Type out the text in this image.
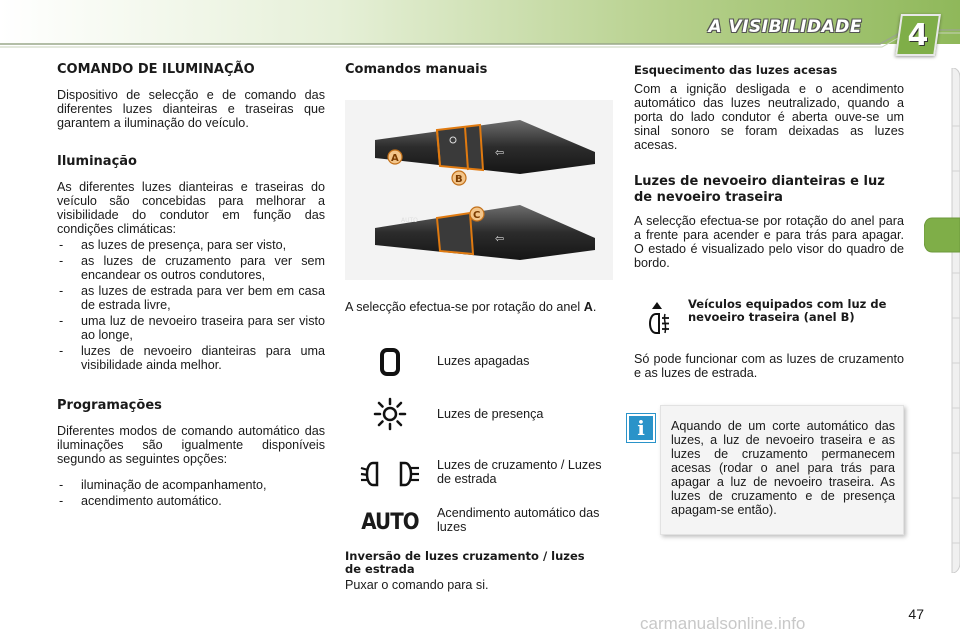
A VISIBILIDADE 4
COMANDO DE ILUMINAÇÃO

Dispositivo de selecção e de comando das diferentes luzes dianteiras e traseiras que garantem a iluminação do veículo.

Iluminação

As diferentes luzes dianteiras e traseiras do veículo são concebidas para melhorar a visibilidade do condutor em função das condições climáticas:

- as luzes de presença, para ser visto,
- as luzes de cruzamento para ver sem encandear os outros condutores,
- as luzes de estrada para ver bem em casa de estrada livre,
- uma luz de nevoeiro traseira para ser visto ao longe,
- luzes de nevoeiro dianteiras para uma visibilidade ainda melhor.
Programações

Diferentes modos de comando automático das iluminações são igualmente disponíveis segundo as seguintes opções:

- iluminação de acompanhamento,
- acendimento automático.
Comandos manuais
⇦
A
B
AUTO
⇦
C

A selecção efectua-se por rotação do anel A.

Luzes apagadas
Luzes de presença
Luzes de cruzamento / Luzes de estrada
AUTO Acendimento automático das luzes
Inversão de luzes cruzamento / luzes de estrada

Puxar o comando para si.

Esquecimento das luzes acesas

Com a ignição desligada e o acendimento automático das luzes neutralizado, quando a porta do lado condutor é aberta ouve-se um sinal sonoro se foram deixadas as luzes acesas.

Luzes de nevoeiro dianteiras e luz de nevoeiro traseira

A selecção efectua-se por rotação do anel para a frente para acender e para trás para apagar. O estado é visualizado pelo visor do quadro de bordo.

Veículos equipados com luz de nevoeiro traseira (anel B)

Só pode funcionar com as luzes de cruzamento e as luzes de estrada.

Aquando de um corte automático das luzes, a luz de nevoeiro traseira e as luzes de cruzamento permanecem acesas (rodar o anel para trás para apagar a luz de nevoeiro traseira. As luzes de cruzamento e de presença apagam-se então).

i
carmanualsonline.info	47
